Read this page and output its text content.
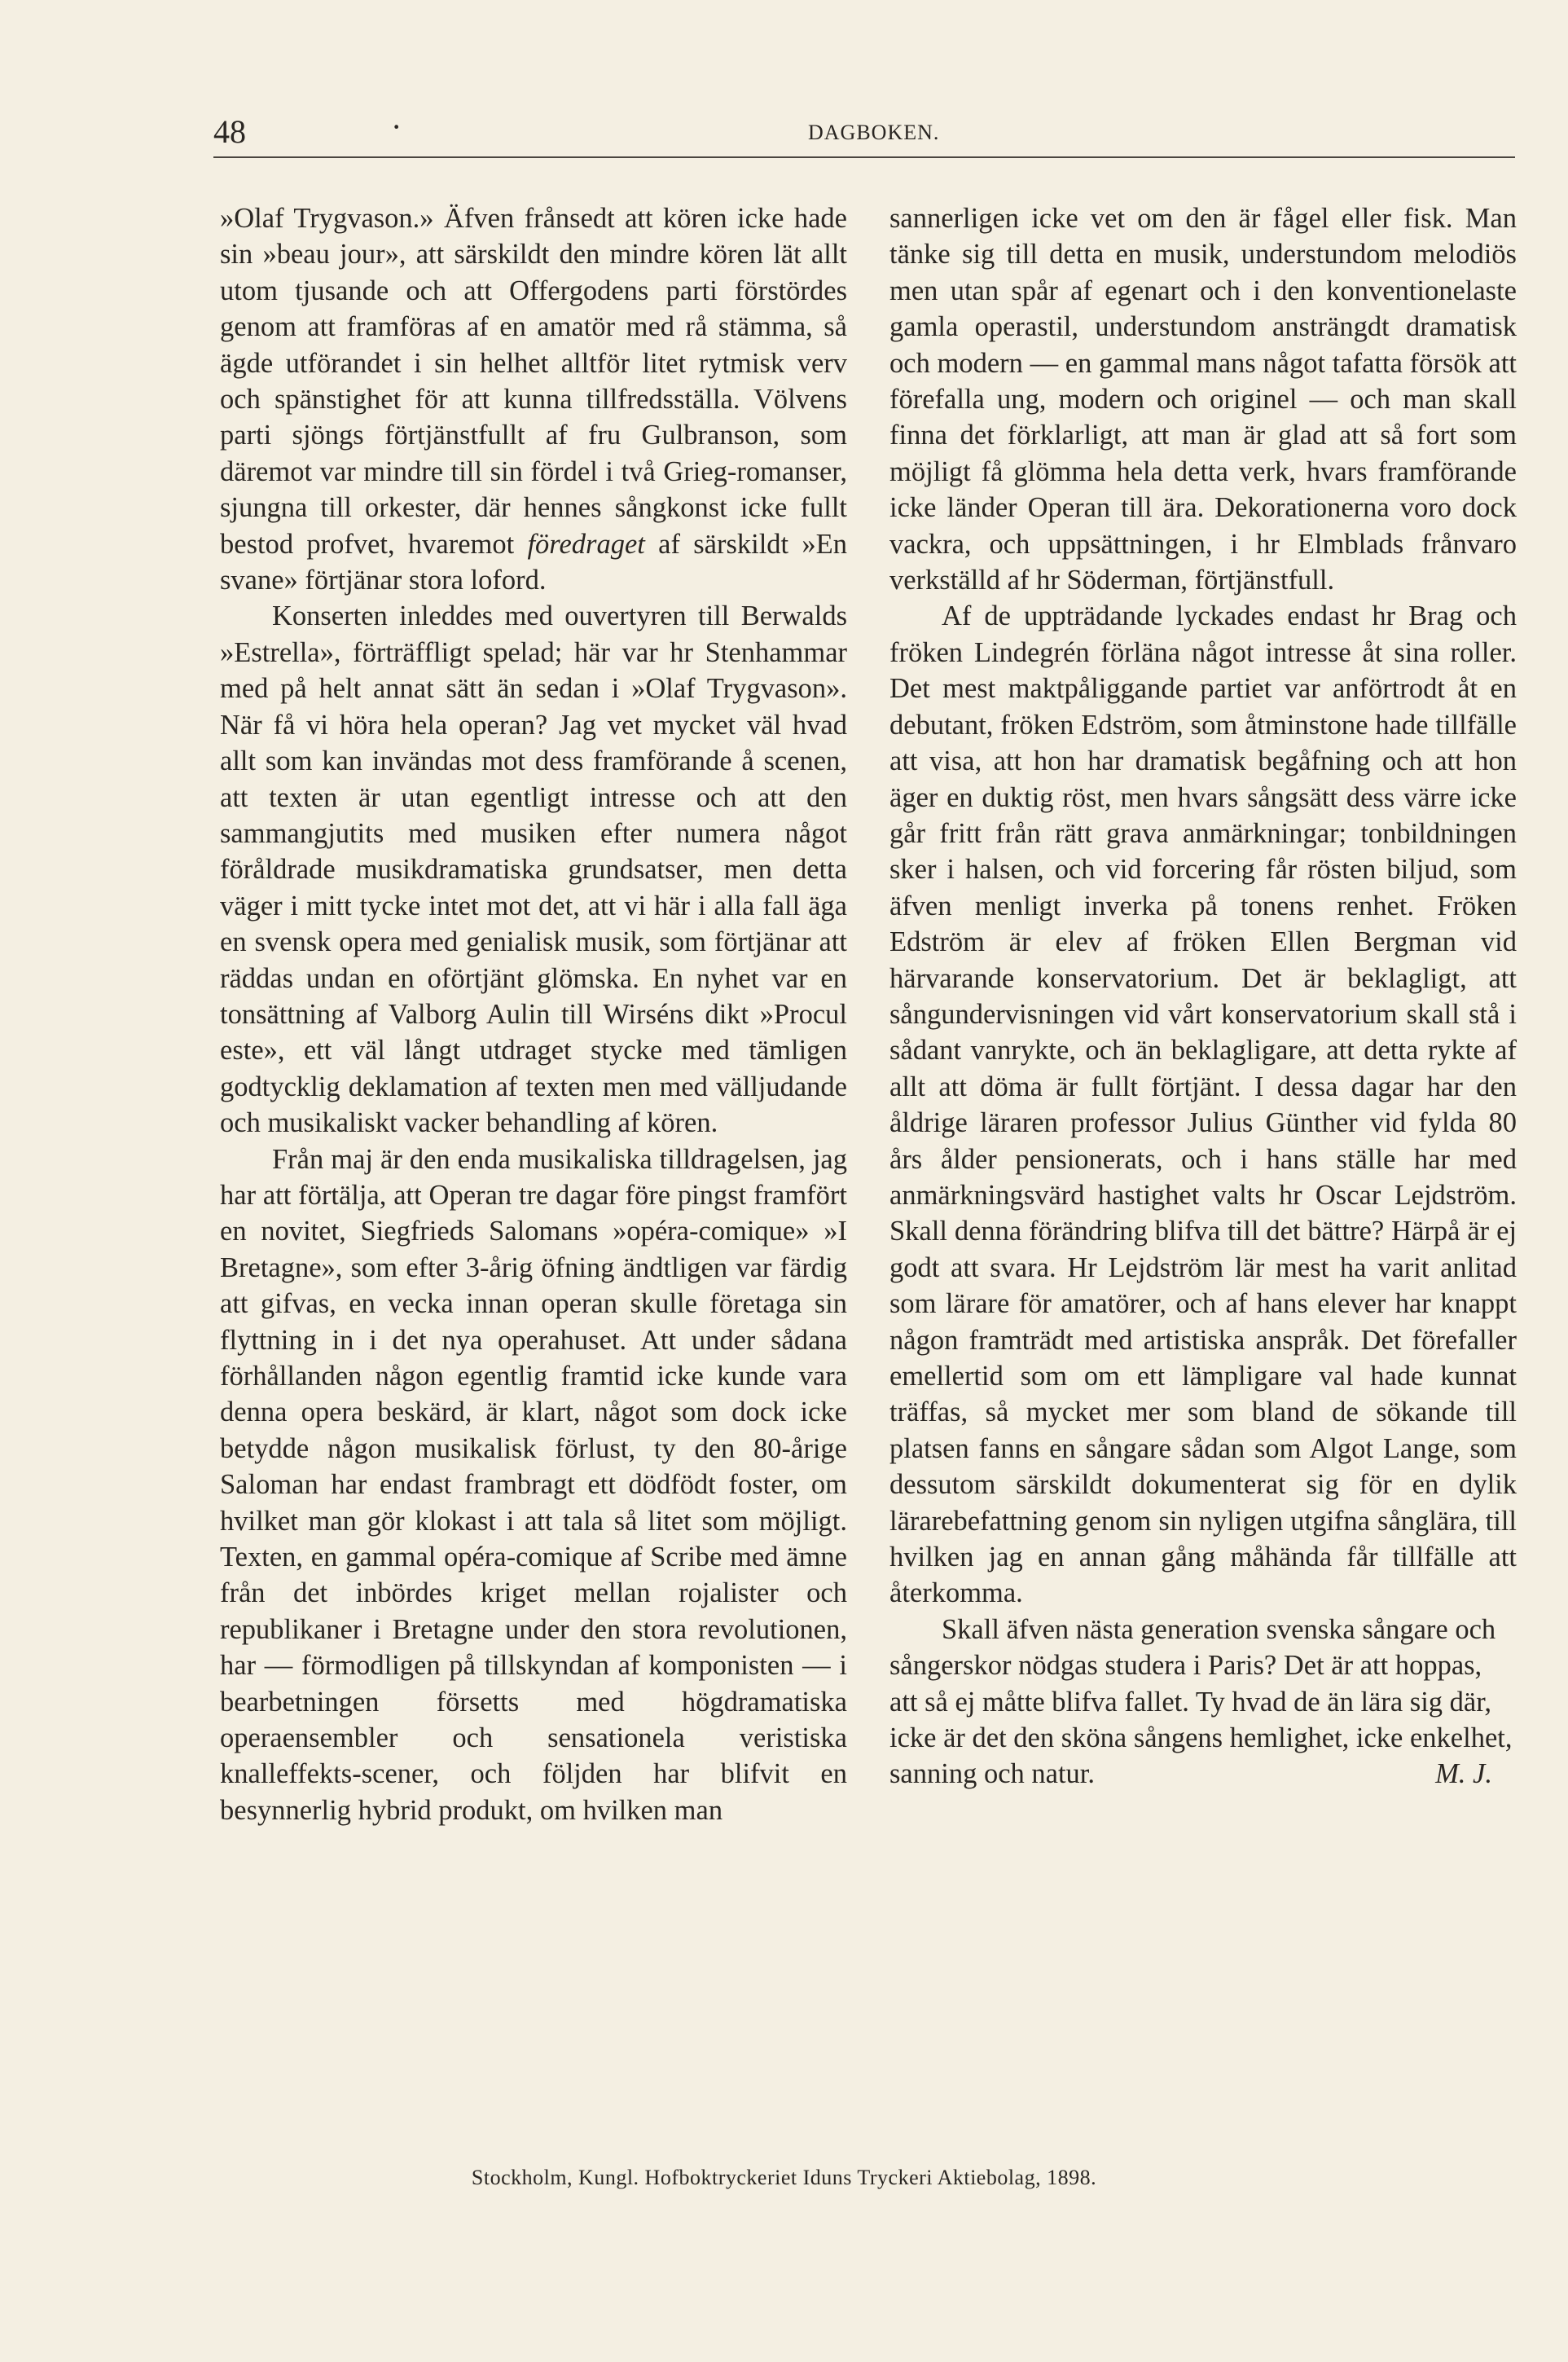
48	·	DAGBOKEN.

»Olaf Trygvason.» Äfven frånsedt att kören icke hade sin »beau jour», att särskildt den mindre kören lät allt utom tjusande och att Offergodens parti förstördes genom att framföras af en amatör med rå stämma, så ägde utförandet i sin helhet alltför litet rytmisk verv och spänstighet för att kunna tillfredsställa. Völvens parti sjöngs förtjänstfullt af fru Gulbranson, som däremot var mindre till sin fördel i två Grieg-romanser, sjungna till orkester, där hennes sångkonst icke fullt bestod profvet, hvaremot föredraget af särskildt »En svane» förtjänar stora loford.

Konserten inleddes med ouvertyren till Berwalds »Estrella», förträffligt spelad; här var hr Stenhammar med på helt annat sätt än sedan i »Olaf Trygvason». När få vi höra hela operan? Jag vet mycket väl hvad allt som kan invändas mot dess framförande å scenen, att texten är utan egentligt intresse och att den sammangjutits med musiken efter numera något föråldrade musikdramatiska grundsatser, men detta väger i mitt tycke intet mot det, att vi här i alla fall äga en svensk opera med genialisk musik, som förtjänar att räddas undan en oförtjänt glömska. En nyhet var en tonsättning af Valborg Aulin till Wirséns dikt »Procul este», ett väl långt utdraget stycke med tämligen godtycklig deklamation af texten men med välljudande och musikaliskt vacker behandling af kören.

Från maj är den enda musikaliska tilldragelsen, jag har att förtälja, att Operan tre dagar före pingst framfört en novitet, Siegfrieds Salomans »opéra-comique» »I Bretagne», som efter 3-årig öfning ändtligen var färdig att gifvas, en vecka innan operan skulle företaga sin flyttning in i det nya operahuset. Att under sådana förhållanden någon egentlig framtid icke kunde vara denna opera beskärd, är klart, något som dock icke betydde någon musikalisk förlust, ty den 80-årige Saloman har endast frambragt ett dödfödt foster, om hvilket man gör klokast i att tala så litet som möjligt. Texten, en gammal opéra-comique af Scribe med ämne från det inbördes kriget mellan rojalister och republikaner i Bretagne under den stora revolutionen, har — förmodligen på tillskyndan af komponisten — i bearbetningen försetts med högdramatiska operaensembler och sensationela veristiska knalleffekts-scener, och följden har blifvit en besynnerlig hybrid produkt, om hvilken man

sannerligen icke vet om den är fågel eller fisk. Man tänke sig till detta en musik, understundom melodiös men utan spår af egenart och i den konventionelaste gamla operastil, understundom ansträngdt dramatisk och modern — en gammal mans något tafatta försök att förefalla ung, modern och originel — och man skall finna det förklarligt, att man är glad att så fort som möjligt få glömma hela detta verk, hvars framförande icke länder Operan till ära. Dekorationerna voro dock vackra, och uppsättningen, i hr Elmblads frånvaro verkställd af hr Söderman, förtjänstfull.

Af de uppträdande lyckades endast hr Brag och fröken Lindegrén förläna något intresse åt sina roller. Det mest maktpåliggande partiet var anförtrodt åt en debutant, fröken Edström, som åtminstone hade tillfälle att visa, att hon har dramatisk begåfning och att hon äger en duktig röst, men hvars sångsätt dess värre icke går fritt från rätt grava anmärkningar; tonbildningen sker i halsen, och vid forcering får rösten biljud, som äfven menligt inverka på tonens renhet. Fröken Edström är elev af fröken Ellen Bergman vid härvarande konservatorium. Det är beklagligt, att sångundervisningen vid vårt konservatorium skall stå i sådant vanrykte, och än beklagligare, att detta rykte af allt att döma är fullt förtjänt. I dessa dagar har den åldrige läraren professor Julius Günther vid fylda 80 års ålder pensionerats, och i hans ställe har med anmärkningsvärd hastighet valts hr Oscar Lejdström. Skall denna förändring blifva till det bättre? Härpå är ej godt att svara. Hr Lejdström lär mest ha varit anlitad som lärare för amatörer, och af hans elever har knappt någon framträdt med artistiska anspråk. Det förefaller emellertid som om ett lämpligare val hade kunnat träffas, så mycket mer som bland de sökande till platsen fanns en sångare sådan som Algot Lange, som dessutom särskildt dokumenterat sig för en dylik lärarebefattning genom sin nyligen utgifna sånglära, till hvilken jag en annan gång måhända får tillfälle att återkomma.

Skall äfven nästa generation svenska sångare och sångerskor nödgas studera i Paris? Det är att hoppas, att så ej måtte blifva fallet. Ty hvad de än lära sig där, icke är det den sköna sångens hemlighet, icke enkelhet, sanning och natur.	M. J.

Stockholm, Kungl. Hofboktryckeriet Iduns Tryckeri Aktiebolag, 1898.
